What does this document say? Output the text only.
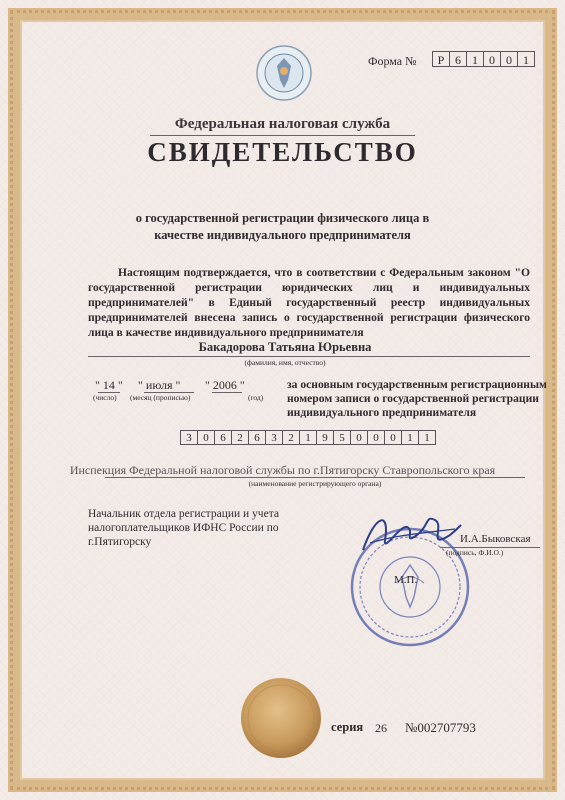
Форма №	Р 6 1 0 0 1
Федеральная налоговая служба
СВИДЕТЕЛЬСТВО
о государственной регистрации физического лица в качестве индивидуального предпринимателя
Настоящим подтверждается, что в соответствии с Федеральным законом "О государственной регистрации юридических лиц и индивидуальных предпринимателей" в Единый государственный реестр индивидуальных предпринимателей внесена запись о государственной регистрации физического лица в качестве индивидуального предпринимателя
Бакадорова Татьяна Юрьевна
(фамилия, имя, отчество)
" 14 " " июля " " 2006 "
(число) (месяц (прописью)	(год)
за основным государственным регистрационным номером записи о государственной регистрации индивидуального предпринимателя
3	0	6	2	6	3	2	1	9	5	0	0	0	1	1
Инспекция Федеральной налоговой службы по г.Пятигорску Ставропольского края
(наименование регистрирующего органа)
Начальник отдела регистрации и учета налогоплательщиков ИФНС России по г.Пятигорску
М.П.
И.А.Быковская
(подпись, Ф.И.О.)
серия 26 №002707793
